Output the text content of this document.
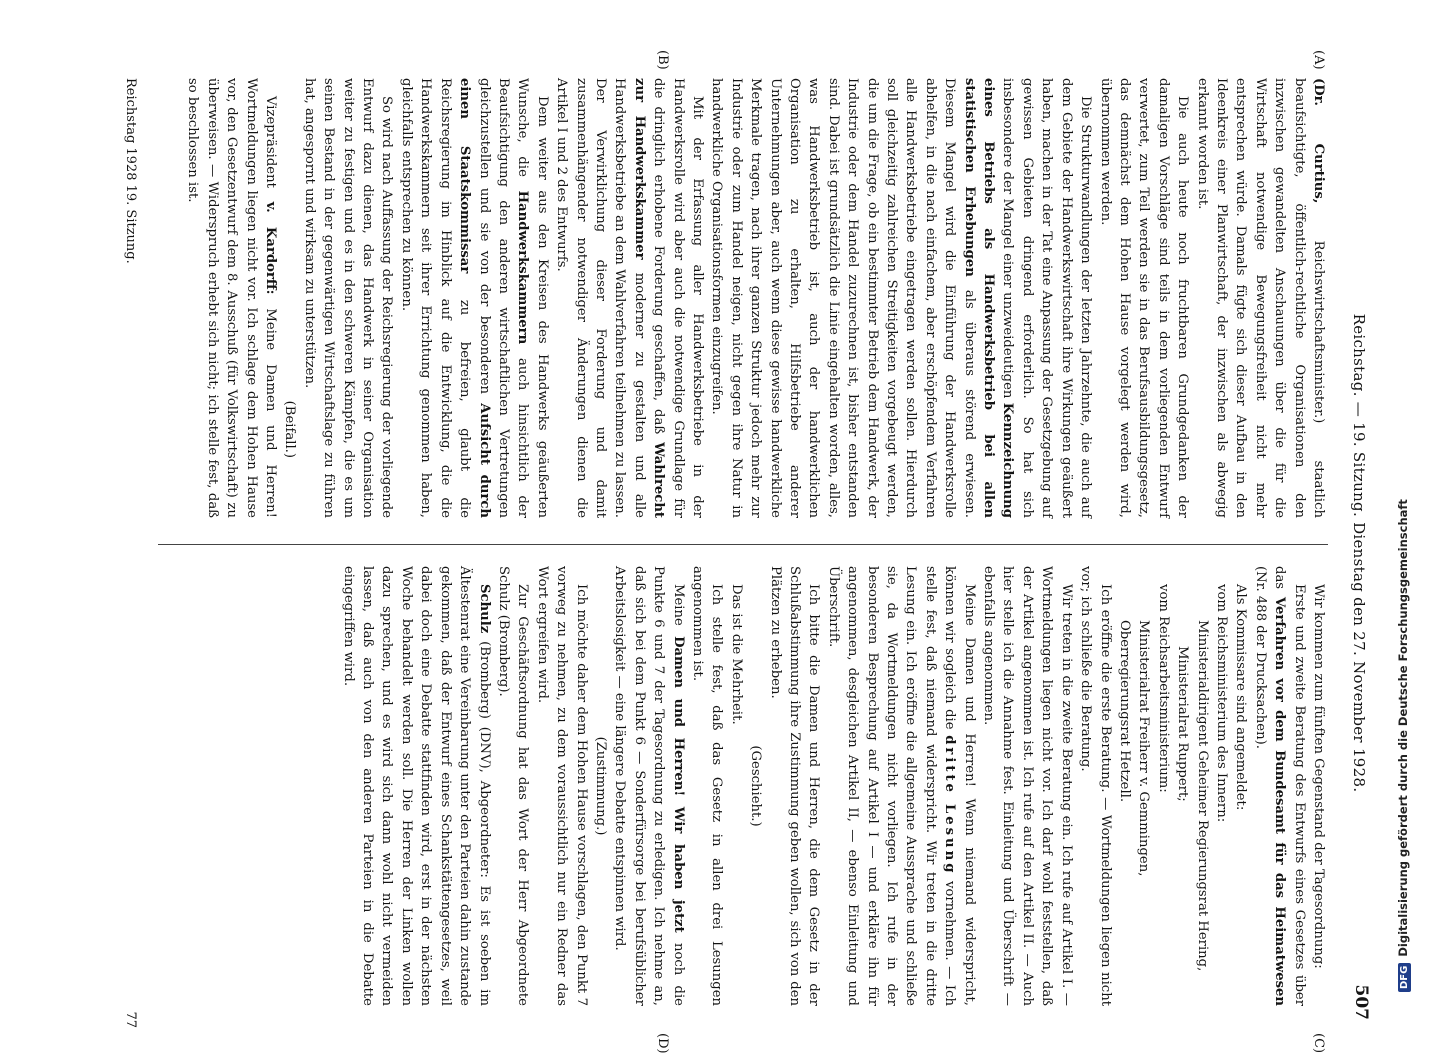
Reichstag. — 19. Sitzung. Dienstag den 27. November 1928.
507
(A)
(B)
(C)
(D)

(Dr. Curtius, Reichswirtschaftsminister.) staatlich beaufsichtigte, öffentlich-rechtliche Organisationen den inzwischen gewandelten Anschauungen über die für die Wirtschaft notwendige Bewegungsfreiheit nicht mehr entsprechen würde. Damals fügte sich dieser Aufbau in den Ideenkreis einer Planwirtschaft, der inzwischen als abwegig erkannt worden ist.

Die auch heute noch fruchtbaren Grundgedanken der damaligen Vorschläge sind teils in dem vorliegenden Entwurf verwertet, zum Teil werden sie in das Berufsausbildungsgesetz, das demnächst dem Hohen Hause vorgelegt werden wird, übernommen werden.

Die Strukturwandlungen der letzten Jahrzehnte, die auch auf dem Gebiete der Handwerkswirtschaft ihre Wirkungen geäußert haben, machen in der Tat eine Anpassung der Gesetzgebung auf gewissen Gebieten dringend erforderlich. So hat sich insbesondere der Mangel einer unzweideutigen Kennzeichnung eines Betriebs als Handwerksbetrieb bei allen statistischen Erhebungen als überaus störend erwiesen. Diesem Mangel wird die Einführung der Handwerksrolle abhelfen, in die nach einfachem, aber erschöpfendem Verfahren alle Handwerksbetriebe eingetragen werden sollen. Hierdurch soll gleichzeitig zahlreichen Streitigkeiten vorgebeugt werden, die um die Frage, ob ein bestimmter Betrieb dem Handwerk, der Industrie oder dem Handel zuzurechnen ist, bisher entstanden sind. Dabei ist grundsätzlich die Linie eingehalten worden, alles, was Handwerksbetrieb ist, auch der handwerklichen Organisation zu erhalten, Hilfsbetriebe anderer Unternehmungen aber, auch wenn diese gewisse handwerkliche Merkmale tragen, nach ihrer ganzen Struktur jedoch mehr zur Industrie oder zum Handel neigen, nicht gegen ihre Natur in handwerkliche Organisationsformen einzugreifen.

Mit der Erfassung aller Handwerksbetriebe in der Handwerksrolle wird aber auch die notwendige Grundlage für die dringlich erhobene Forderung geschaffen, daß Wahlrecht zur Handwerkskammer moderner zu gestalten und alle Handwerksbetriebe an dem Wahlverfahren teilnehmen zu lassen. Der Verwirklichung dieser Forderung und damit zusammenhängender notwendiger Änderungen dienen die Artikel I und 2 des Entwurfs.

Dem weiter aus den Kreisen des Handwerks geäußerten Wunsche, die Handwerkskammern auch hinsichtlich der Beaufsichtigung den anderen wirtschaftlichen Vertretungen gleichzustellen und sie von der besonderen Aufsicht durch einen Staatskommissar zu befreien, glaubt die Reichsregierung im Hinblick auf die Entwicklung, die die Handwerkskammern seit ihrer Errichtung genommen haben, gleichfalls entsprechen zu können.

So wird nach Auffassung der Reichsregierung der vorliegende Entwurf dazu dienen, das Handwerk in seiner Organisation weiter zu festigen und es in den schweren Kämpfen, die es um seinen Bestand in der gegenwärtigen Wirtschaftslage zu führen hat, angespornt und wirksam zu unterstützen.

(Beifall.)

Vizepräsident v. Kardorff: Meine Damen und Herren! Wortmeldungen liegen nicht vor. Ich schlage dem Hohen Hause vor, den Gesetzentwurf dem 8. Ausschuß (für Volkswirtschaft) zu überweisen. — Widerspruch erhebt sich nicht; ich stelle fest, daß so beschlossen ist.

Wir kommen zum fünften Gegenstand der Tagesordnung:

Erste und zweite Beratung des Entwurfs eines Gesetzes über das Verfahren vor dem Bundesamt für das Heimatwesen (Nr. 488 der Drucksachen).

Als Kommissare sind angemeldet:

vom Reichsministerium des Innern:

Ministerialdirigent Geheimer Regierungsrat Hering,

Ministerialrat Ruppert;

vom Reichsarbeitsministerium:

Ministerialrat Freiherr v. Gemmingen,

Oberregierungsrat Hetzell.

Ich eröffne die erste Beratung. — Wortmeldungen liegen nicht vor; ich schließe die Beratung.

Wir treten in die zweite Beratung ein. Ich rufe auf Artikel I. — Wortmeldungen liegen nicht vor. Ich darf wohl feststellen, daß der Artikel angenommen ist. Ich rufe auf den Artikel II. — Auch hier stelle ich die Annahme fest. Einleitung und Überschrift — ebenfalls angenommen.

Meine Damen und Herren! Wenn niemand widerspricht, können wir sogleich die dritte Lesung vornehmen. — Ich stelle fest, daß niemand widerspricht. Wir treten in die dritte Lesung ein. Ich eröffne die allgemeine Aussprache und schließe sie, da Wortmeldungen nicht vorliegen. Ich rufe in der besonderen Besprechung auf Artikel I — und erkläre ihn für angenommen, desgleichen Artikel II, — ebenso Einleitung und Überschrift.

Ich bitte die Damen und Herren, die dem Gesetz in der Schlußabstimmung ihre Zustimmung geben wollen, sich von den Plätzen zu erheben.

(Geschieht.)

Das ist die Mehrheit.

Ich stelle fest, daß das Gesetz in allen drei Lesungen angenommen ist.

Meine Damen und Herren! Wir haben jetzt noch die Punkte 6 und 7 der Tagesordnung zu erledigen. Ich nehme an, daß sich bei dem Punkt 6 — Sonderfürsorge bei berufsüblicher Arbeitslosigkeit — eine längere Debatte entspinnen wird.

(Zustimmung.)

Ich möchte daher dem Hohen Hause vorschlagen, den Punkt 7 vorweg zu nehmen, zu dem voraussichtlich nur ein Redner das Wort ergreifen wird.

Zur Geschäftsordnung hat das Wort der Herr Abgeordnete Schulz (Bromberg).

Schulz (Bromberg) (DNV), Abgeordneter: Es ist soeben im Ältestenrat eine Vereinbarung unter den Parteien dahin zustande gekommen, daß der Entwurf eines Schankstättengesetzes, weil dabei doch eine Debatte stattfinden wird, erst in der nächsten Woche behandelt werden soll. Die Herren der Linken wollen dazu sprechen, und es wird sich dann wohl nicht vermeiden lassen, daß auch von den anderen Parteien in die Debatte eingegriffen wird.

Reichstag 1928 19. Sitzung.
77
DFGDigitalisierung gefördert durch die Deutsche Forschungsgemeinschaft
